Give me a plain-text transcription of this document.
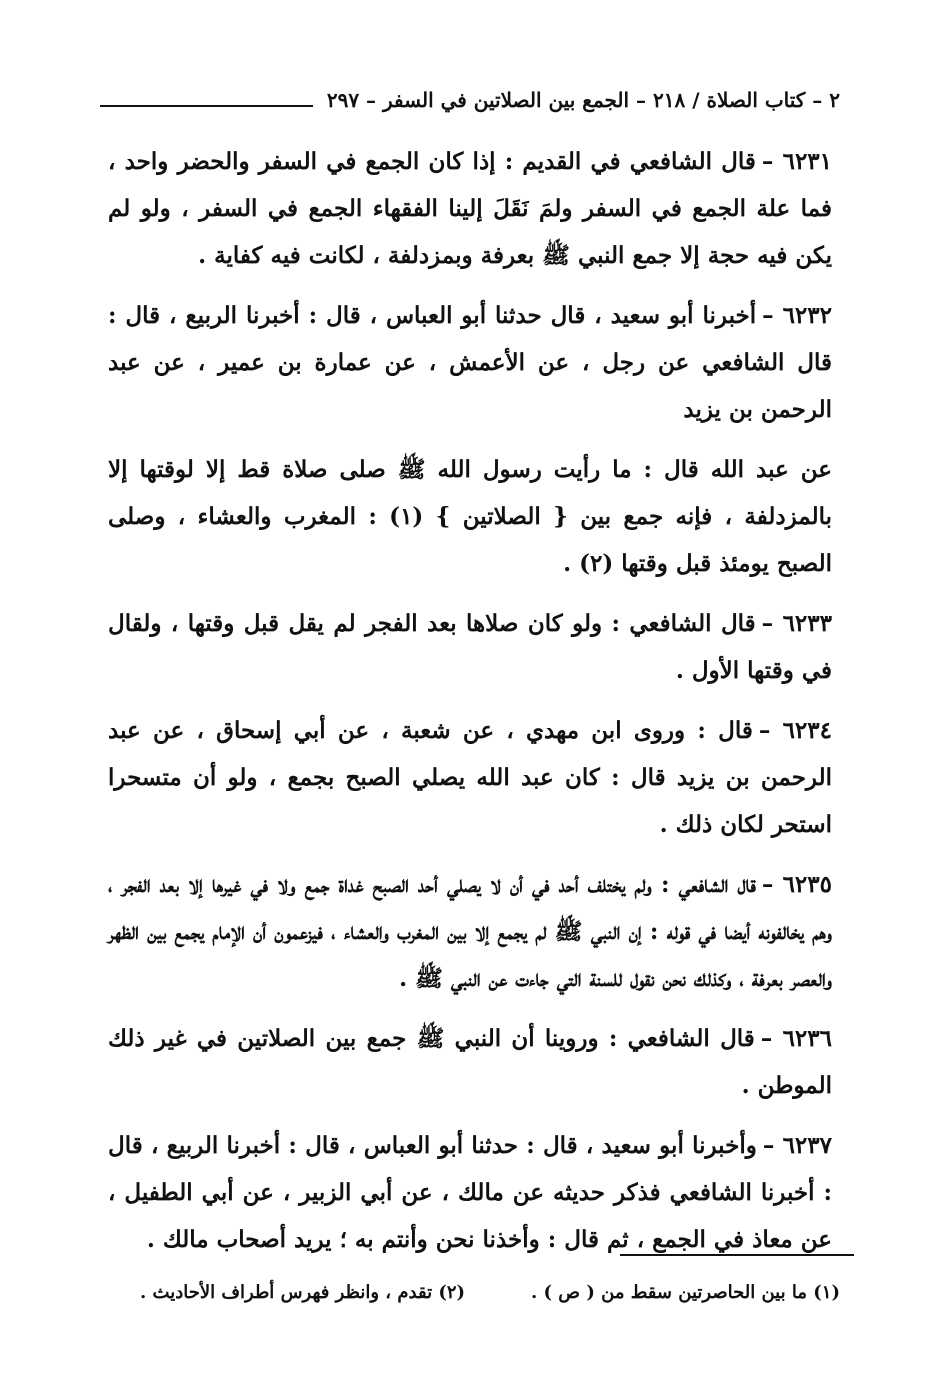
٢ – كتاب الصلاة / ٢١٨ – الجمع بين الصلاتين في السفر – ٢٩٧

٦٢٣١ –قال الشافعي في القديم : إذا كان الجمع في السفر والحضر واحد ، فما علة الجمع في السفر ولمَ نَقَلَ إلينا الفقهاء الجمع في السفر ، ولو لم يكن فيه حجة إلا جمع النبي ﷺ بعرفة وبمزدلفة ، لكانت فيه كفاية .

٦٢٣٢ –أخبرنا أبو سعيد ، قال حدثنا أبو العباس ، قال : أخبرنا الربيع ، قال : قال الشافعي عن رجل ، عن الأعمش ، عن عمارة بن عمير ، عن عبد الرحمن بن يزيد

عن عبد الله قال : ما رأيت رسول الله ﷺ صلى صلاة قط إلا لوقتها إلا بالمزدلفة ، فإنه جمع بين { الصلاتين } (١) : المغرب والعشاء ، وصلى الصبح يومئذ قبل وقتها (٢) .

٦٢٣٣ –قال الشافعي : ولو كان صلاها بعد الفجر لم يقل قبل وقتها ، ولقال في وقتها الأول .

٦٢٣٤ –قال : وروى ابن مهدي ، عن شعبة ، عن أبي إسحاق ، عن عبد الرحمن بن يزيد قال : كان عبد الله يصلي الصبح بجمع ، ولو أن متسحرا استحر لكان ذلك .

٦٢٣٥ –قال الشافعي : ولم يختلف أحد في أن لا يصلي أحد الصبح غداة جمع ولا في غيرها إلا بعد الفجر ، وهم يخالفونه أيضا في قوله : إن النبي ﷺ لم يجمع إلا بين المغرب والعشاء ، فيزعمون أن الإمام يجمع بين الظهر والعصر بعرفة ، وكذلك نحن نقول للسنة التي جاءت عن النبي ﷺ .

٦٢٣٦ –قال الشافعي : وروينا أن النبي ﷺ جمع بين الصلاتين في غير ذلك الموطن .

٦٢٣٧ –وأخبرنا أبو سعيد ، قال : حدثنا أبو العباس ، قال : أخبرنا الربيع ، قال : أخبرنا الشافعي فذكر حديثه عن مالك ، عن أبي الزبير ، عن أبي الطفيل ، عن معاذ في الجمع ، ثم قال : وأخذنا نحن وأنتم به ؛ يريد أصحاب مالك .

(١) ما بين الحاصرتين سقط من ( ص ) .
(٢) تقدم ، وانظر فهرس أطراف الأحاديث .
